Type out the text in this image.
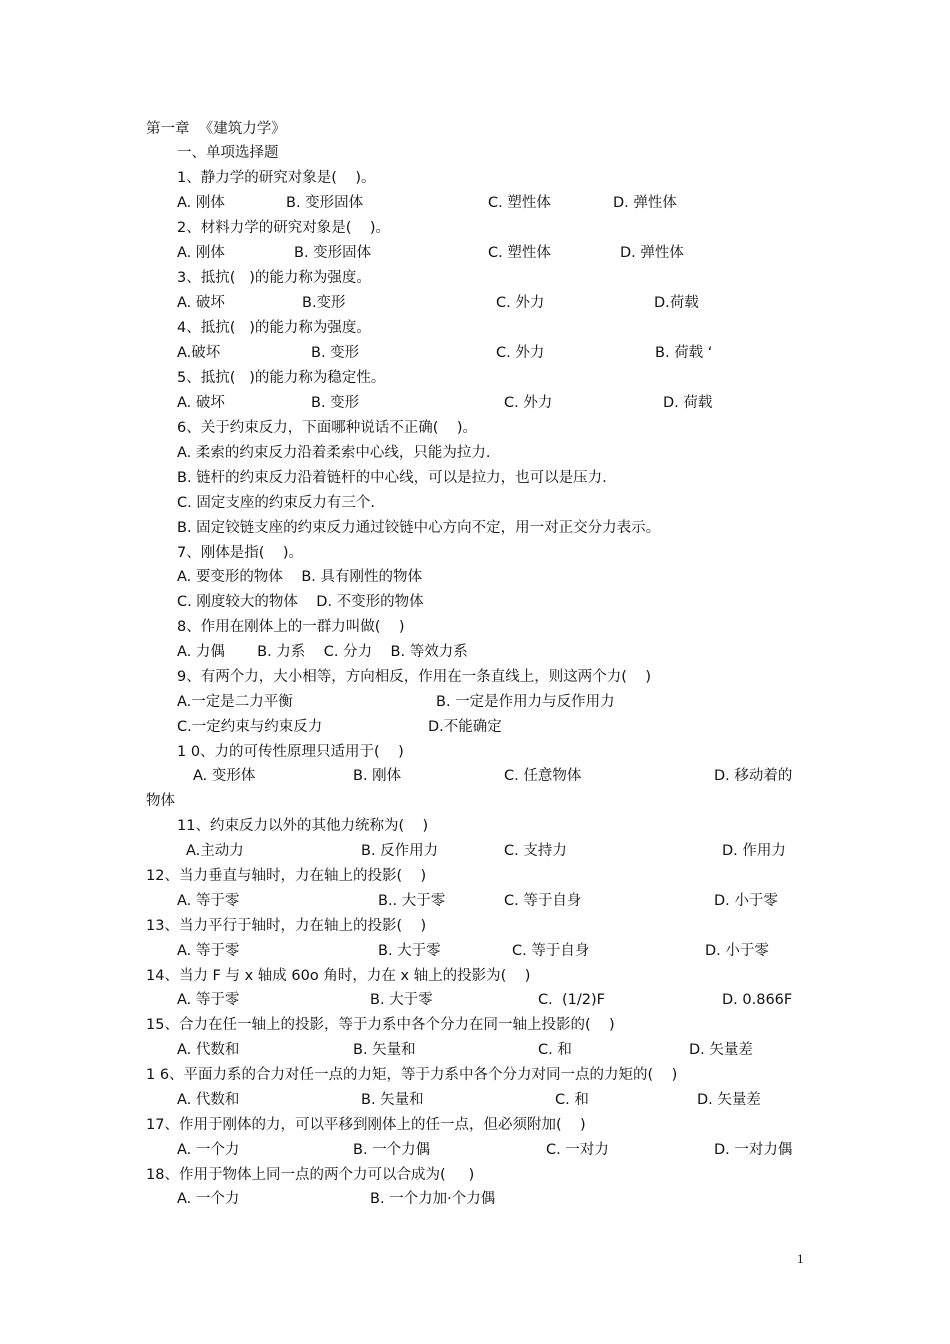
第一章  《建筑力学》
一、单项选择题
1、静力学的研究对象是(    )。
A. 刚体	B. 变形固体	C. 塑性体	D. 弹性体
2、材料力学的研究对象是(    )。
A. 刚体	B. 变形固体	C. 塑性体	D. 弹性体
3、抵抗(   )的能力称为强度。
A. 破坏	B.变形	C. 外力	D.荷载
4、抵抗(   )的能力称为强度。
A.破坏	B. 变形	C. 外力	B. 荷载 ‘
5、抵抗(   )的能力称为稳定性。
A. 破坏	B. 变形	C. 外力	D. 荷载
6、关于约束反力，下面哪种说话不正确(    )。
A. 柔索的约束反力沿着柔索中心线，只能为拉力.
B. 链杆的约束反力沿着链杆的中心线，可以是拉力，也可以是压力.
C. 固定支座的约束反力有三个.
B. 固定铰链支座的约束反力通过铰链中心方向不定，用一对正交分力表示。
7、刚体是指(    )。
A. 要变形的物体    B. 具有刚性的物体
C. 刚度较大的物体    D. 不变形的物体
8、作用在刚体上的一群力叫做(    )
A. 力偶       B. 力系    C. 分力    B. 等效力系
9、有两个力，大小相等，方向相反，作用在一条直线上，则这两个力(    )
A.一定是二力平衡	B. 一定是作用力与反作用力
C.一定约束与约束反力	D.不能确定
1 0、力的可传性原理只适用于(    )
A. 变形体	B. 刚体	C. 任意物体	D. 移动着的
物体
11、约束反力以外的其他力统称为(    )
A.主动力	B. 反作用力	C. 支持力	D. 作用力
12、当力垂直与轴时，力在轴上的投影(    )
A. 等于零	B.. 大于零	C. 等于自身	D. 小于零
13、当力平行于轴时，力在轴上的投影(    )
A. 等于零	B. 大于零	C. 等于自身	D. 小于零
14、当力 F 与 x 轴成 60o 角时，力在 x 轴上的投影为(    )
A. 等于零	B. 大于零	C.  (1/2)F	D. 0.866F
15、合力在任一轴上的投影，等于力系中各个分力在同一轴上投影的(    )
A. 代数和	B. 矢量和	C. 和	D. 矢量差
1 6、平面力系的合力对任一点的力矩，等于力系中各个分力对同一点的力矩的(    )
A. 代数和	B. 矢量和	C. 和	D. 矢量差
17、作用于刚体的力，可以平移到刚体上的任一点，但必须附加(    )
A. 一个力	B. 一个力偶	C. 一对力	D. 一对力偶
18、作用于物体上同一点的两个力可以合成为(     )
A. 一个力	B. 一个力加·个力偶
1
